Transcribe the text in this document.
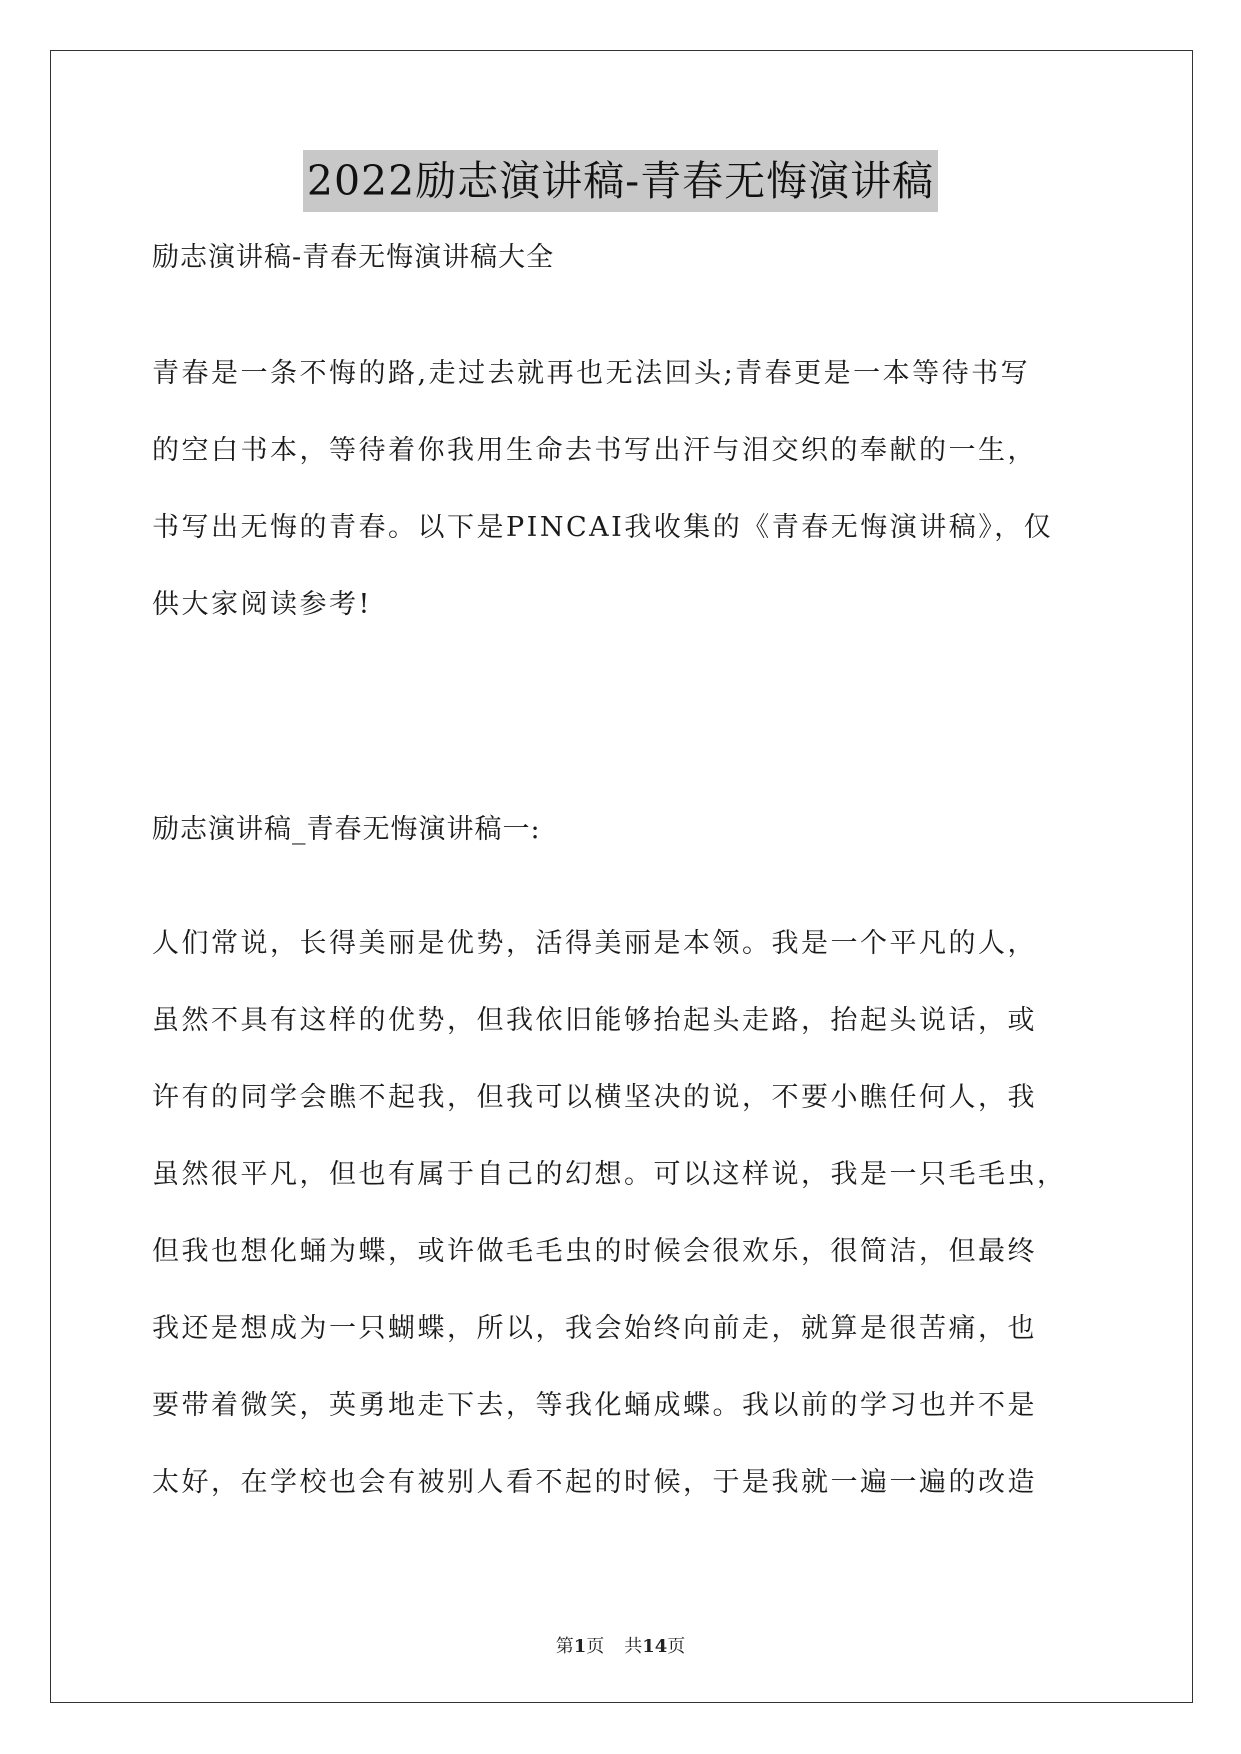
2022励志演讲稿-青春无悔演讲稿
励志演讲稿-青春无悔演讲稿大全

青春是一条不悔的路,走过去就再也无法回头;青春更是一本等待书写
的空白书本，等待着你我用生命去书写出汗与泪交织的奉献的一生，
书写出无悔的青春。以下是PINCAI我收集的《青春无悔演讲稿》，仅
供大家阅读参考!

励志演讲稿_青春无悔演讲稿一:

人们常说，长得美丽是优势，活得美丽是本领。我是一个平凡的人，
虽然不具有这样的优势，但我依旧能够抬起头走路，抬起头说话，或
许有的同学会瞧不起我，但我可以横坚决的说，不要小瞧任何人，我
虽然很平凡，但也有属于自己的幻想。可以这样说，我是一只毛毛虫，
但我也想化蛹为蝶，或许做毛毛虫的时候会很欢乐，很简洁，但最终
我还是想成为一只蝴蝶，所以，我会始终向前走，就算是很苦痛，也
要带着微笑，英勇地走下去，等我化蛹成蝶。我以前的学习也并不是
太好，在学校也会有被别人看不起的时候，于是我就一遍一遍的改造

第1页 共14页
